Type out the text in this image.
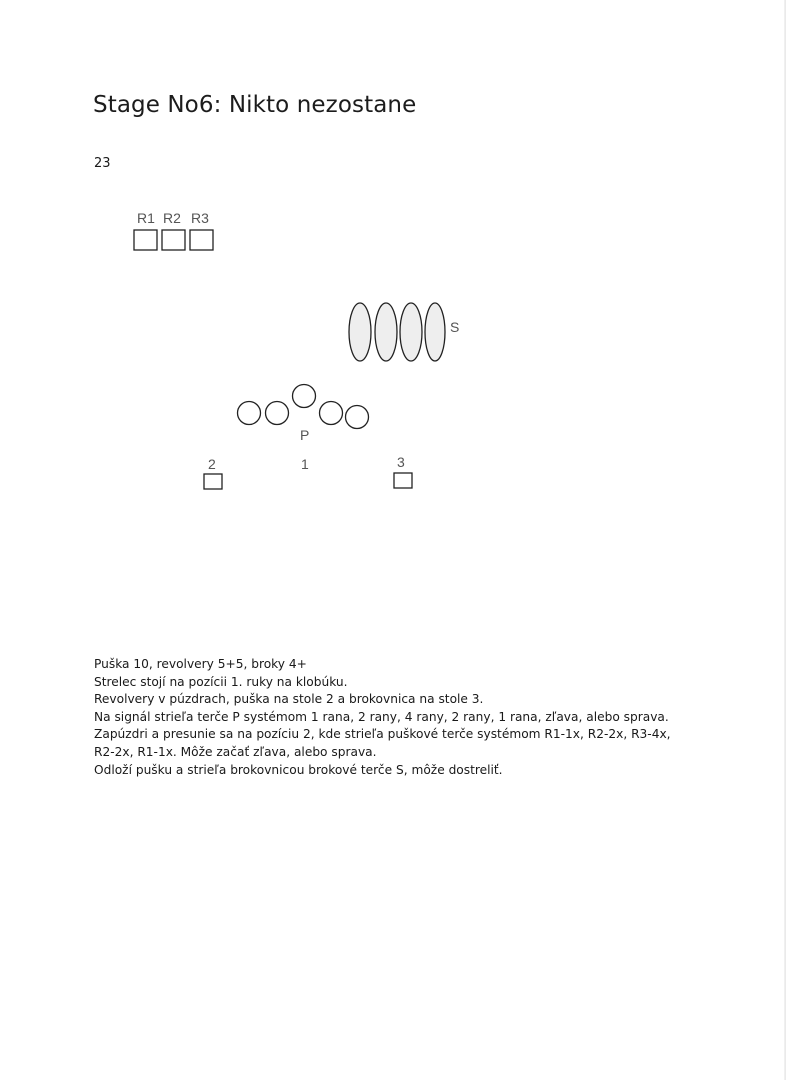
Stage No6: Nikto nezostane
23
R1 R2 R3
S
P
2	1	3
Puška 10, revolvery 5+5, broky 4+
Strelec stojí na pozícii 1. ruky na klobúku.
Revolvery v púzdrach, puška na stole 2 a brokovnica na stole 3.
Na signál strieľa terče P systémom 1 rana, 2 rany, 4 rany, 2 rany, 1 rana, zľava, alebo sprava.
Zapúzdri a presunie sa na pozíciu 2, kde strieľa puškové terče systémom R1-1x, R2-2x, R3-4x,
R2-2x, R1-1x. Môže začať zľava, alebo sprava.
Odloží pušku a strieľa brokovnicou brokové terče S, môže dostreliť.
